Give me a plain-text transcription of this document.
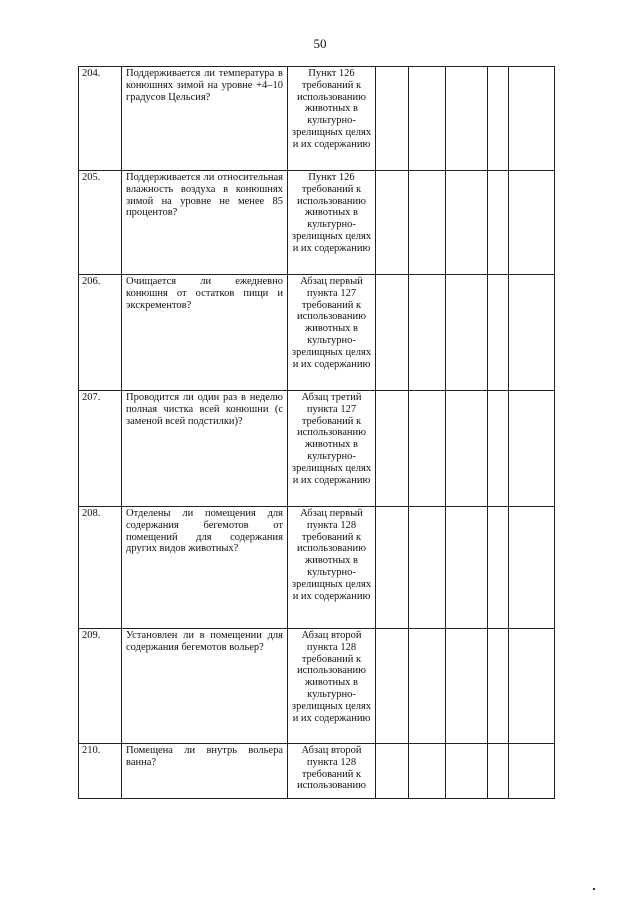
50
204.	Поддерживается ли температура в конюшнях зимой на уровне +4–10 градусов Цельсия?	Пункт 126 требований к использованию животных в культурно-зрелищных целях и их содержанию					
205.	Поддерживается ли относительная влажность воздуха в конюшнях зимой на уровне не менее 85 процентов?	Пункт 126 требований к использованию животных в культурно-зрелищных целях и их содержанию					
206.	Очищается ли ежедневно конюшня от остатков пищи и экскрементов?	Абзац первый пункта 127 требований к использованию животных в культурно-зрелищных целях и их содержанию					
207.	Проводится ли один раз в неделю полная чистка всей конюшни (с заменой всей подстилки)?	Абзац третий пункта 127 требований к использованию животных в культурно-зрелищных целях и их содержанию					
208.	Отделены ли помещения для содержания бегемотов от помещений для содержания других видов животных?	Абзац первый пункта 128 требований к использованию животных в культурно-зрелищных целях и их содержанию					
209.	Установлен ли в помещении для содержания бегемотов вольер?	Абзац второй пункта 128 требований к использованию животных в культурно-зрелищных целях и их содержанию					
210.	Помещена ли внутрь вольера ванна?	Абзац второй пункта 128 требований к использованию					
